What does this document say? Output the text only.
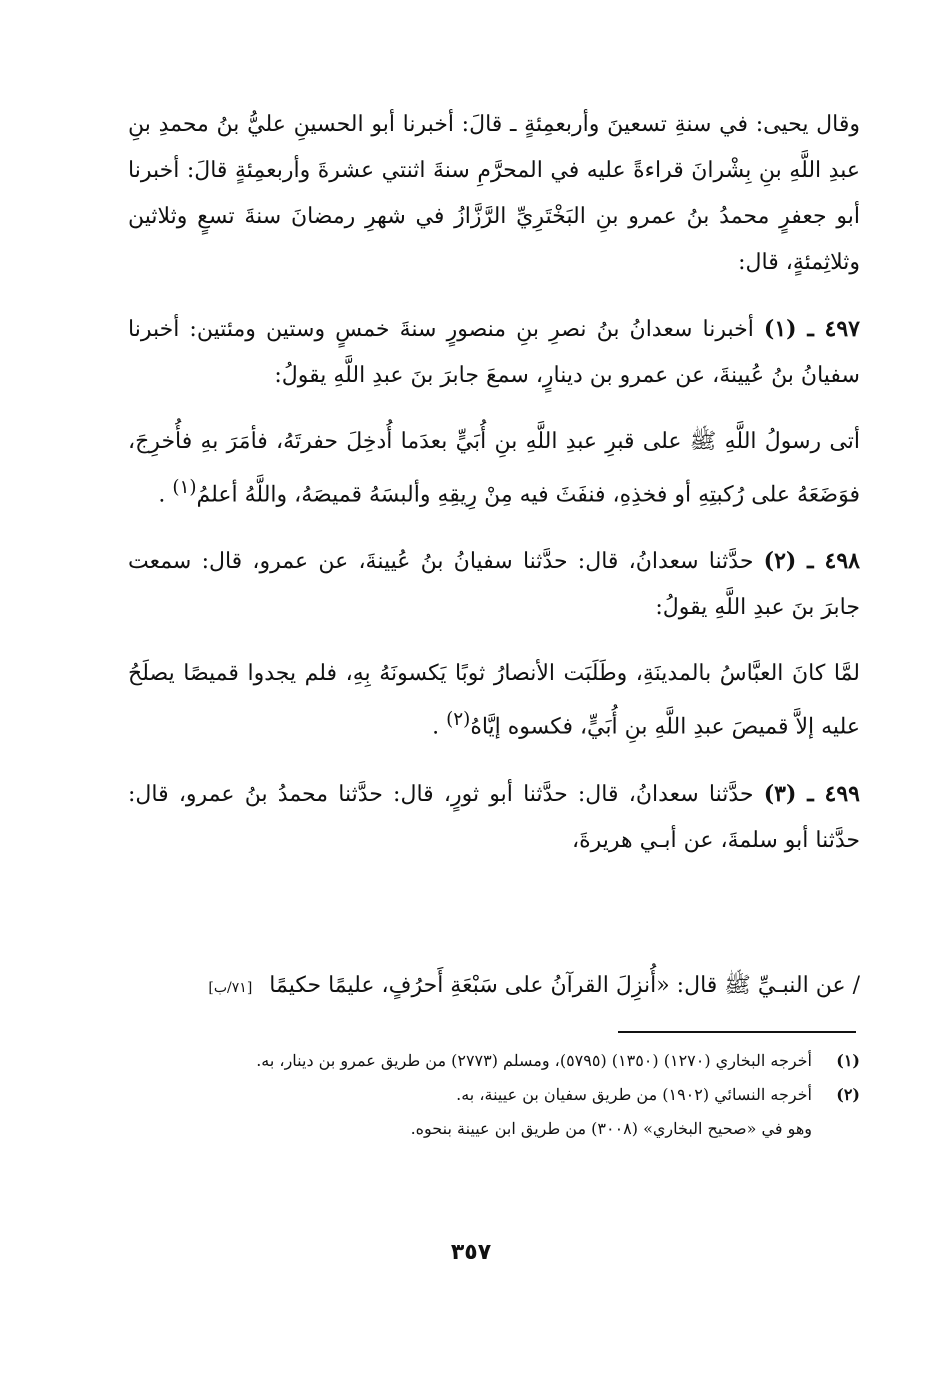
وقال يحيى: في سنةِ تسعينَ وأربعمِئةٍ ـ قالَ: أخبرنا أبو الحسينِ عليُّ بنُ محمدِ بنِ عبدِ اللَّهِ بنِ بِشْرانَ قراءةً عليه في المحرَّمِ سنةَ اثنتي عشرةَ وأربعمِئةٍ قالَ: أخبرنا أبو جعفرٍ محمدُ بنُ عمرو بنِ البَخْتَرِيِّ الرَّزَّازُ في شهرِ رمضانَ سنةَ تسعٍ وثلاثين وثلاثِمئةٍ، قال:

٤٩٧ ـ (١) أخبرنا سعدانُ بنُ نصرِ بنِ منصورٍ سنةَ خمسٍ وستين ومئتين: أخبرنا سفيانُ بنُ عُيينةَ، عن عمرو بن دينارٍ، سمعَ جابرَ بنَ عبدِ اللَّهِ يقولُ:

أتى رسولُ اللَّهِ ﷺ على قبرِ عبدِ اللَّهِ بنِ أُبَيٍّ بعدَما أُدخِلَ حفرتَهُ، فأمَرَ بهِ فأُخرِجَ، فوَضَعَهُ على رُكبتِهِ أو فخذِهِ، فنفَثَ فيه مِنْ رِيقِهِ وألبسَهُ قميصَهُ، واللَّهُ أعلمُ$^{(١)}$ .

٤٩٨ ـ (٢) حدَّثنا سعدانُ، قال: حدَّثنا سفيانُ بنُ عُيينةَ، عن عمرو، قال: سمعت جابرَ بنَ عبدِ اللَّهِ يقولُ:

لمَّا كانَ العبَّاسُ بالمدينَةِ، وطَلَبَت الأنصارُ ثوبًا يَكسونَهُ بِهِ، فلم يجدوا قميصًا يصلَحُ عليه إلاَّ قميصَ عبدِ اللَّهِ بنِ أُبَيٍّ، فكسوه إيَّاهُ$^{(٢)}$ .

٤٩٩ ـ (٣) حدَّثنا سعدانُ، قال: حدَّثنا أبو ثورٍ، قال: حدَّثنا محمدُ بنُ عمرو، قال: حدَّثنا أبو سلمةَ، عن أبـي هريرةَ،

/ عن النبـيِّ ﷺ قال: «أُنزِلَ القرآنُ على سَبْعَةِ أَحرُفٍ، عليمًا حكيمًا [٧١/ب]
(١)
أخرجه البخاري (١٢٧٠) (١٣٥٠) (٥٧٩٥)، ومسلم (٢٧٧٣) من طريق عمرو بن دينار، به.
(٢)
أخرجه النسائي (١٩٠٢) من طريق سفيان بن عيينة، به.
وهو في «صحيح البخاري» (٣٠٠٨) من طريق ابن عيينة بنحوه.
٣٥٧
